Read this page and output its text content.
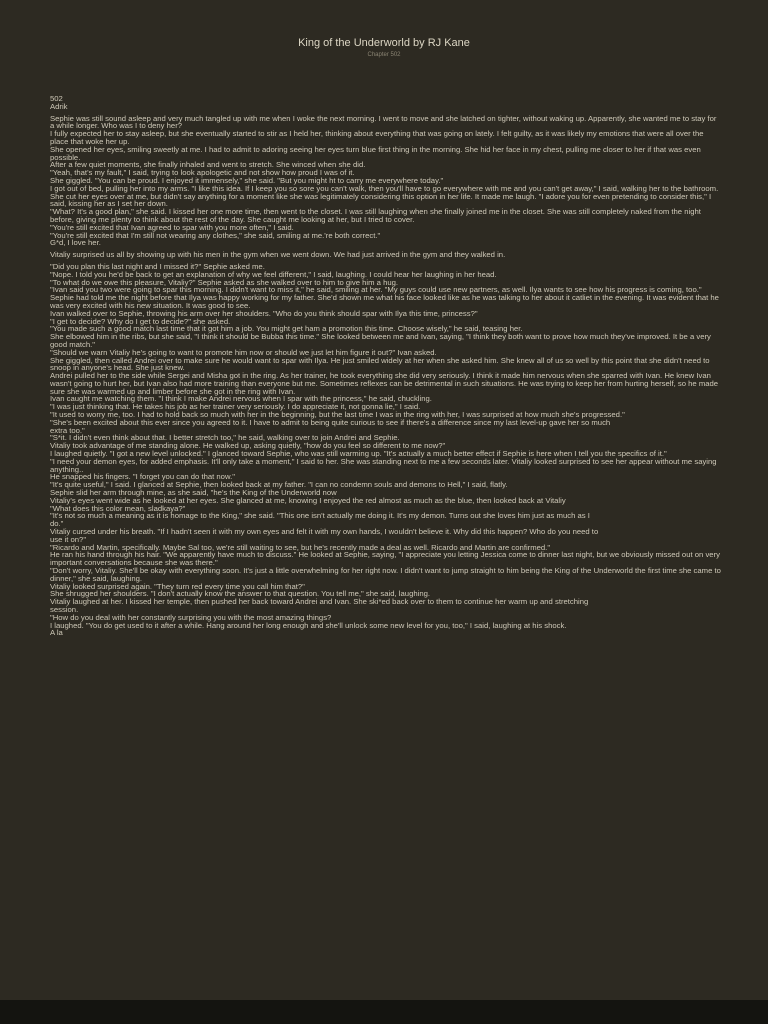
King of the Underworld by RJ Kane
Chapter 502

502

Adrik

Sephie was still sound asleep and very much tangled up with me when I woke the next morning. I went to move and she latched on tighter, without waking up. Apparently, she wanted me to stay for a while longer. Who was I to deny her?

I fully expected her to stay asleep, but she eventually started to stir as I held her, thinking about everything that was going on lately. I felt guilty, as it was likely my emotions that were all over the place that woke her up.

She opened her eyes, smiling sweetly at me. I had to admit to adoring seeing her eyes turn blue first thing in the morning. She hid her face in my chest, pulling me closer to her if that was even possible.

After a few quiet moments, she finally inhaled and went to stretch. She winced when she did.

"Yeah, that's my fault," I said, trying to look apologetic and not show how proud I was of it.

She giggled. "You can be proud. I enjoyed it immensely," she said. "But you might ht to carry me everywhere today."

I got out of bed, pulling her into my arms. "I like this idea. If I keep you so sore you can't walk, then you'll have to go everywhere with me and you can't get away," I said, walking her to the bathroom.

She cut her eyes over at me, but didn't say anything for a moment like she was legitimately considering this option in her life. It made me laugh. "I adore you for even pretending to consider this," I said, kissing her as I set her down.

"What? It's a good plan," she said. I kissed her one more time, then went to the closet. I was still laughing when she finally joined me in the closet. She was still completely naked from the night before, giving me plenty to think about the rest of the day. She caught me looking at her, but I tried to cover.

"You're still excited that Ivan agreed to spar with you more often," I said.

"You're still excited that I'm still not wearing any clothes," she said, smiling at me.'re both correct."

G*d, I love her.

Vitaliy surprised us all by showing up with his men in the gym when we went down. We had just arrived in the gym and they walked in.

"Did you plan this last night and I missed it?" Sephie asked me.

"Nope. I told you he'd be back to get an explanation of why we feel different," I said, laughing. I could hear her laughing in her head.

"To what do we owe this pleasure, Vitaliy?" Sephie asked as she walked over to him to give him a hug.

"Ivan said you two were going to spar this morning. I didn't want to miss it," he said, smiling at her. "My guys could use new partners, as well. Ilya wants to see how his progress is coming, too."

Sephie had told me the night before that Ilya was happy working for my father. She'd shown me what his face looked like as he was talking to her about it catliet in the evening. It was evident that he was very excited with his new situation. It was good to see.

Ivan walked over to Sephie, throwing his arm over her shoulders. "Who do you think should spar with Ilya this time, princess?"

"I get to decide? Why do I get to decide?" she asked.

"You made such a good match last time that it got him a job. You might get ham a promotion this time. Choose wisely," he said, teasing her.

She elbowed him in the ribs, but she said, "I think it should be Bubba this time." She looked between me and Ivan, saying, "I think they both want to prove how much they've improved. It be a very good match."

"Should we warn Vitaliy he's going to want to promote him now or should we just let him figure it out?" Ivan asked.

She giggled, then called Andrei over to make sure he would want to spar with Ilya. He just smiled widely at her when she asked him. She knew all of us so well by this point that she didn't need to snoop in anyone's head. She just knew.

Andrei pulled her to the side while Sergei and Misha got in the ring. As her trainer, he took everything she did very seriously. I think it made him nervous when she sparred with Ivan. He knew Ivan wasn't going to hurt her, but Ivan also had more training than everyone but me. Sometimes reflexes can be detrimental in such situations. He was trying to keep her from hurting herself, so he made sure she was warmed up and limber before she got in the ring with Ivan.

Ivan caught me watching them. "I think I make Andrei nervous when I spar with the princess," he said, chuckling.

"I was just thinking that. He takes his job as her trainer very seriously. I do appreciate it, not gonna lie," I said.

"It used to worry me, too. I had to hold back so much with her in the beginning, but the last time I was in the ring with her, I was surprised at how much she's progressed."

"She's been excited about this ever since you agreed to it. I have to admit to being quite curious to see if there's a difference since my last level-up gave her so much

extra too."

"S*it. I didn't even think about that. I better stretch too," he said, walking over to join Andrei and Sephie.

Vitaliy took advantage of me standing alone. He walked up, asking quietly, "how do you feel so different to me now?"

I laughed quietly. "I got a new level unlocked." I glanced toward Sephie, who was still warming up. "It's actually a much better effect if Sephie is here when I tell you the specifics of it."

"I need your demon eyes, for added emphasis. It'll only take a moment," I said to her. She was standing next to me a few seconds later. Vitaliy looked surprised to see her appear without me saying anything..

He snapped his fingers. "I forget you can do that now."

"It's quite useful," I said. I glanced at Sephie, then looked back at my father. "I can no condemn souls and demons to Hell," I said, flatly.

Sephie slid her arm through mine, as she said, "he's the King of the Underworld now

Vitaliy's eyes went wide as he looked at her eyes. She glanced at me, knowing I enjoyed the red almost as much as the blue, then looked back at Vitaliy

"What does this color mean, sladkaya?"

"It's not so much a meaning as it is homage to the King," she said. "This one isn't actually me doing it. It's my demon. Turns out she loves him just as much as I

do."

Vitaliy cursed under his breath. "If I hadn't seen it with my own eyes and felt it with my own hands, I wouldn't believe it. Why did this happen? Who do you need to

use it on?"

"Ricardo and Martin, specifically. Maybe Sal too, we're still waiting to see, but he's recently made a deal as well. Ricardo and Martin are confirmed."

He ran his hand through his hair. "We apparently have much to discuss." He looked at Sephie, saying, "I appreciate you letting Jessica come to dinner last night, but we obviously missed out on very important conversations because she was there."

"Don't worry, Vitaliy. She'll be okay with everything soon. It's just a little overwhelming for her right now. I didn't want to jump straight to him being the King of the Underworld the first time she came to dinner," she said, laughing.

Vitaliy looked surprised again. "They turn red every time you call him that?"

She shrugged her shoulders. "I don't actually know the answer to that question. You tell me," she said, laughing.

Vitaliy laughed at her. I kissed her temple, then pushed her back toward Andrei and Ivan. She ski*ed back over to them to continue her warm up and stretching

session.

"How do you deal with her constantly surprising you with the most amazing things?

I laughed. "You do get used to it after a while. Hang around her long enough and she'll unlock some new level for you, too," I said, laughing at his shock.

A la
